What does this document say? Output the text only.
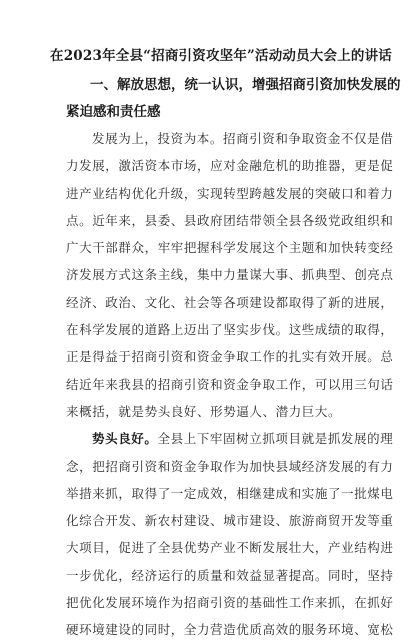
在2023年全县“招商引资攻坚年”活动动员大会上的讲话
一、解放思想，统一认识，增强招商引资加快发展的
紧迫感和责任感
发展为上，投资为本。招商引资和争取资金不仅是借
力发展，激活资本市场，应对金融危机的助推器，更是促
进产业结构优化升级，实现转型跨越发展的突破口和着力
点。近年来，县委、县政府团结带领全县各级党政组织和
广大干部群众，牢牢把握科学发展这个主题和加快转变经
济发展方式这条主线，集中力量谋大事、抓典型、创亮点
经济、政治、文化、社会等各项建设都取得了新的进展，
在科学发展的道路上迈出了坚实步伐。这些成绩的取得，
正是得益于招商引资和资金争取工作的扎实有效开展。总
结近年来我县的招商引资和资金争取工作，可以用三句话
来概括，就是势头良好、形势逼人、潜力巨大。
势头良好。全县上下牢固树立抓项目就是抓发展的理
念，把招商引资和资金争取作为加快县域经济发展的有力
举措来抓，取得了一定成效，相继建成和实施了一批煤电
化综合开发、新农村建设、城市建设、旅游商贸开发等重
大项目，促进了全县优势产业不断发展壮大，产业结构进
一步优化，经济运行的质量和效益显著提高。同时，坚持
把优化发展环境作为招商引资的基础性工作来抓，在抓好
硬环境建设的同时，全力营造优质高效的服务环境、宽松
